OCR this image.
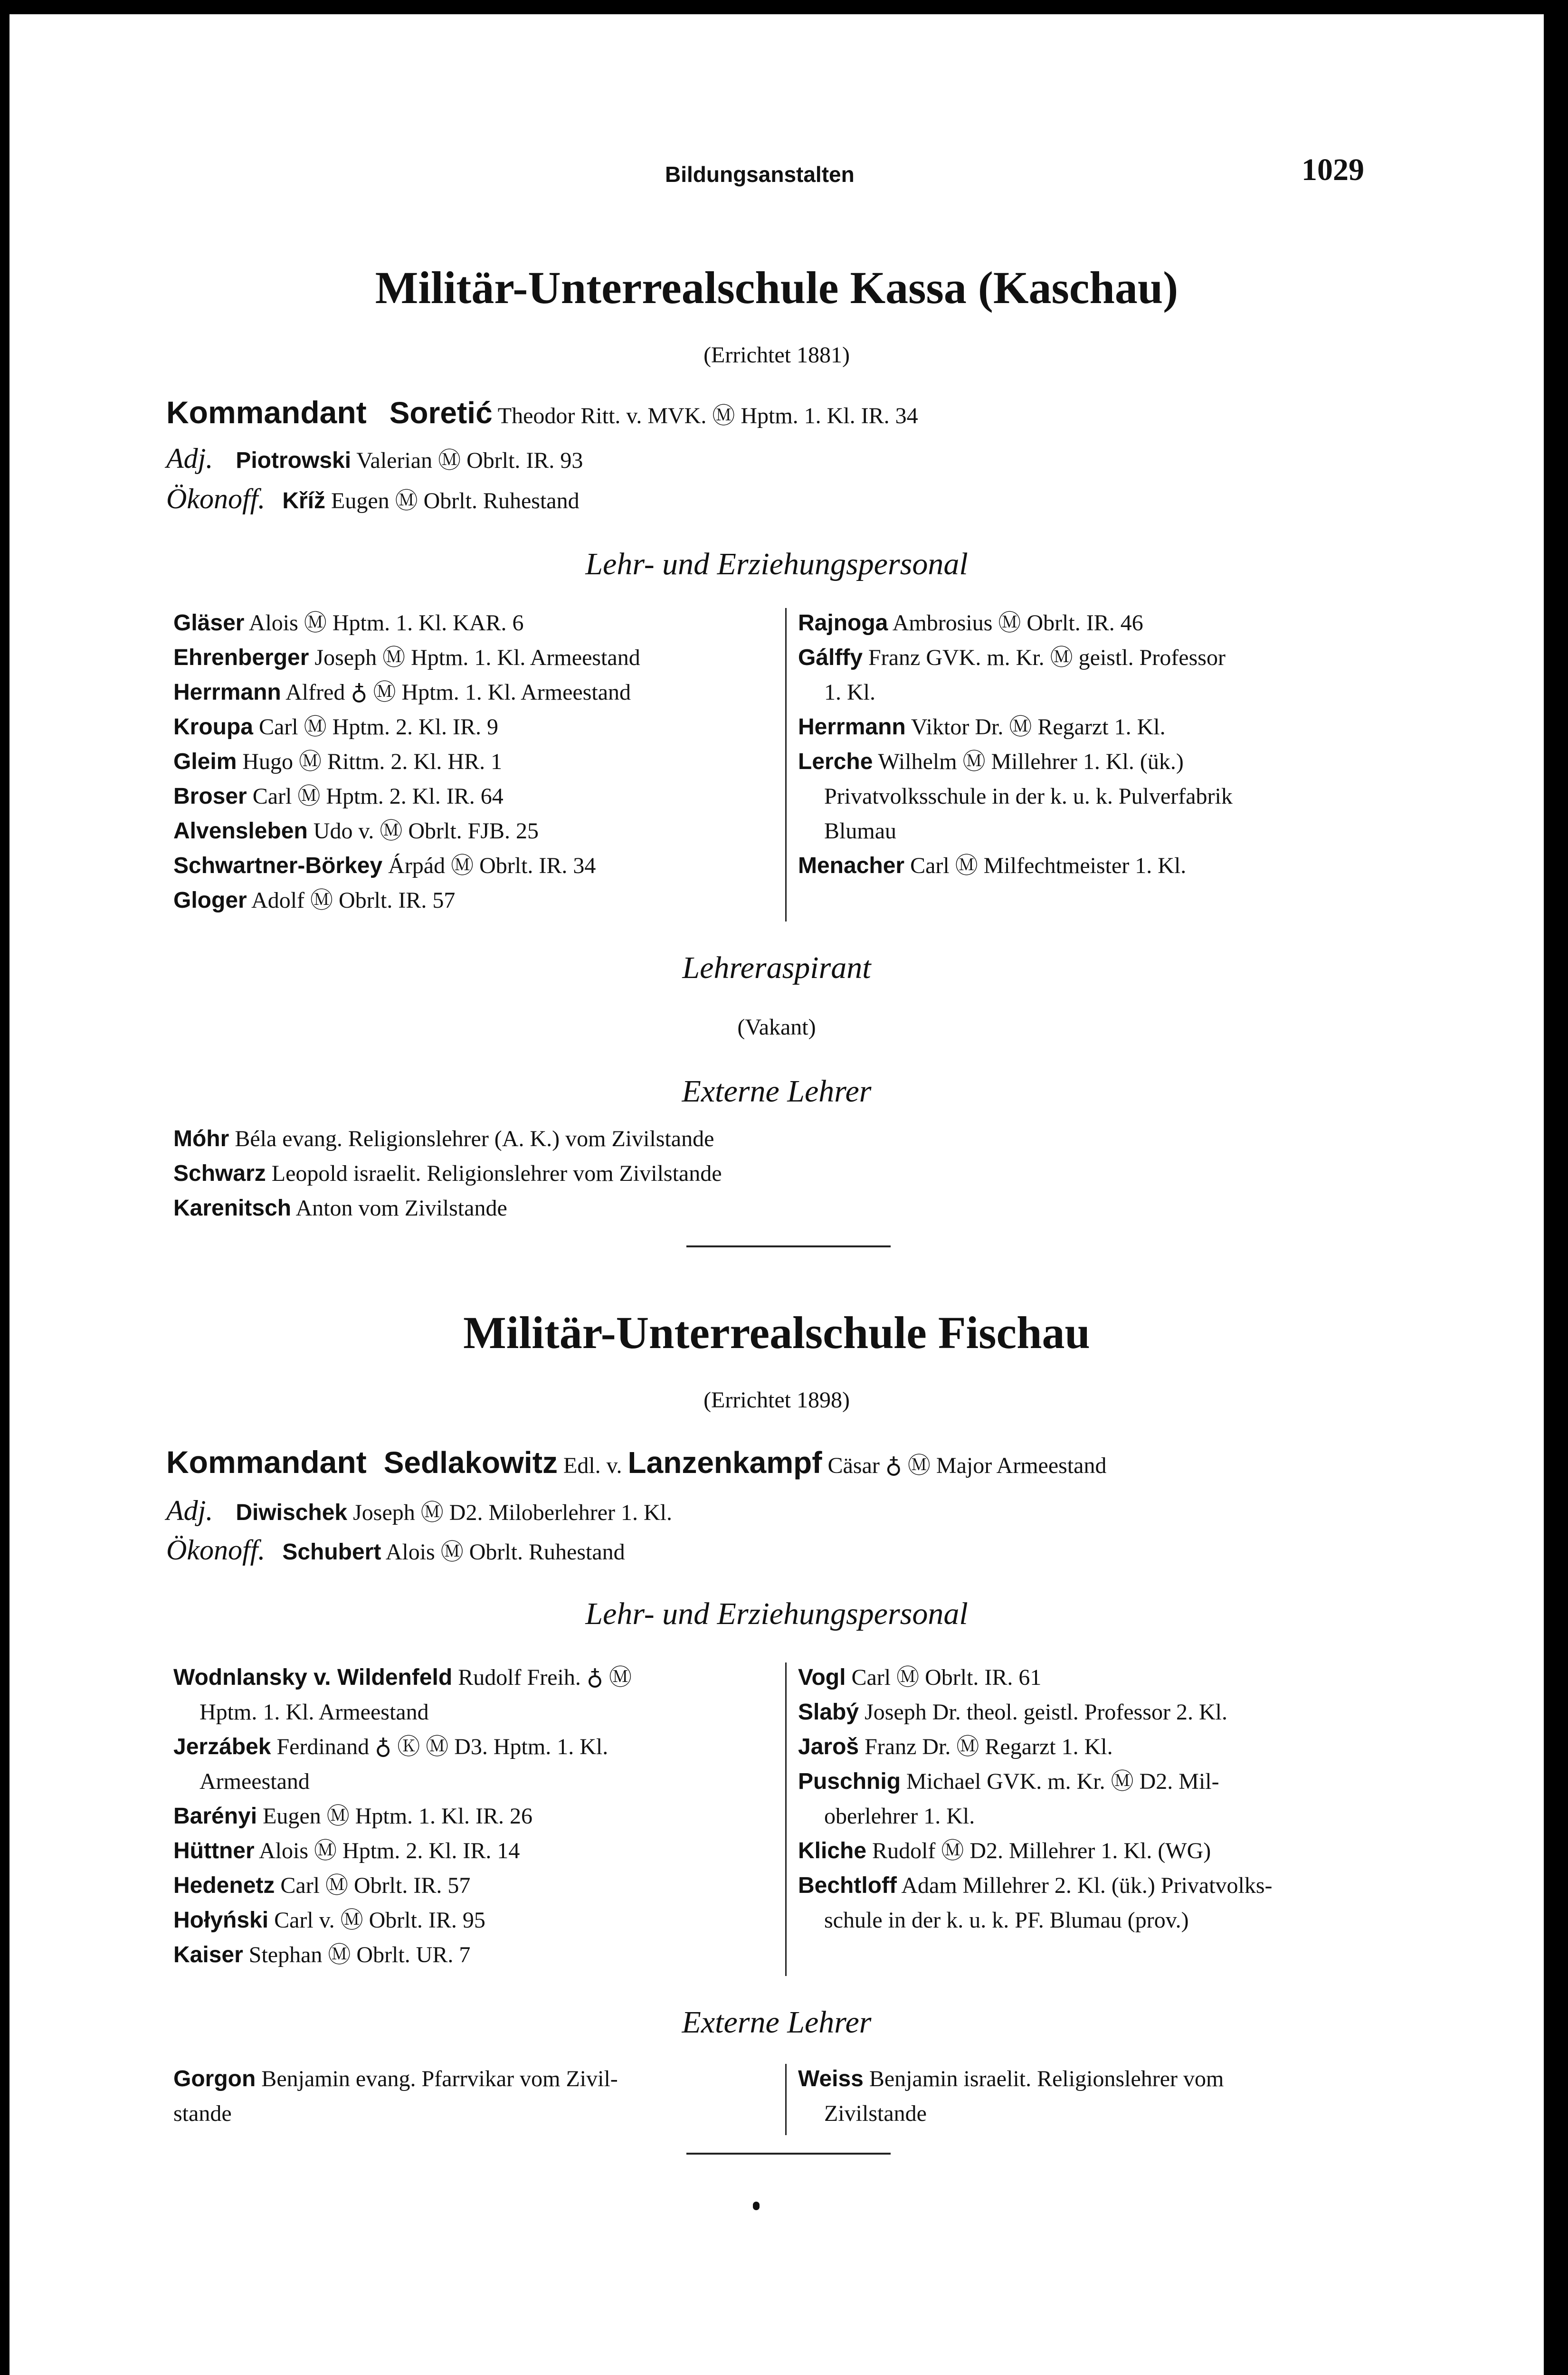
Bildungsanstalten	1029
Militär-Unterrealschule Kassa (Kaschau)
(Errichtet 1881)
Kommandant Soretić Theodor Ritt. v. MVK. Ⓜ Hptm. 1. Kl. IR. 34
Adj. Piotrowski Valerian Ⓜ Obrlt. IR. 93
Ökonoff. Kříž Eugen Ⓜ Obrlt. Ruhestand
Lehr- und Erziehungspersonal

Gläser Alois Ⓜ Hptm. 1. Kl. KAR. 6

Ehrenberger Joseph Ⓜ Hptm. 1. Kl. Armeestand

Herrmann Alfred ♁ Ⓜ Hptm. 1. Kl. Armeestand

Kroupa Carl Ⓜ Hptm. 2. Kl. IR. 9

Gleim Hugo Ⓜ Rittm. 2. Kl. HR. 1

Broser Carl Ⓜ Hptm. 2. Kl. IR. 64

Alvensleben Udo v. Ⓜ Obrlt. FJB. 25

Schwartner-Börkey Árpád Ⓜ Obrlt. IR. 34

Gloger Adolf Ⓜ Obrlt. IR. 57

Rajnoga Ambrosius Ⓜ Obrlt. IR. 46

Gálffy Franz GVK. m. Kr. Ⓜ geistl. Professor

1. Kl.

Herrmann Viktor Dr. Ⓜ Regarzt 1. Kl.

Lerche Wilhelm Ⓜ Millehrer 1. Kl. (ük.)

Privatvolksschule in der k. u. k. Pulverfabrik

Blumau

Menacher Carl Ⓜ Milfechtmeister 1. Kl.

Lehreraspirant
(Vakant)
Externe Lehrer
Móhr Béla evang. Religionslehrer (A. K.) vom Zivilstande
Schwarz Leopold israelit. Religionslehrer vom Zivilstande
Karenitsch Anton vom Zivilstande
Militär-Unterrealschule Fischau
(Errichtet 1898)
Kommandant Sedlakowitz Edl. v. Lanzenkampf Cäsar ♁ Ⓜ Major Armeestand
Adj. Diwischek Joseph Ⓜ D2. Miloberlehrer 1. Kl.
Ökonoff. Schubert Alois Ⓜ Obrlt. Ruhestand
Lehr- und Erziehungspersonal

Wodnlansky v. Wildenfeld Rudolf Freih. ♁ Ⓜ

Hptm. 1. Kl. Armeestand

Jerzábek Ferdinand ♁ Ⓚ Ⓜ D3. Hptm. 1. Kl.

Armeestand

Barényi Eugen Ⓜ Hptm. 1. Kl. IR. 26

Hüttner Alois Ⓜ Hptm. 2. Kl. IR. 14

Hedenetz Carl Ⓜ Obrlt. IR. 57

Hołyński Carl v. Ⓜ Obrlt. IR. 95

Kaiser Stephan Ⓜ Obrlt. UR. 7

Vogl Carl Ⓜ Obrlt. IR. 61

Slabý Joseph Dr. theol. geistl. Professor 2. Kl.

Jaroš Franz Dr. Ⓜ Regarzt 1. Kl.

Puschnig Michael GVK. m. Kr. Ⓜ D2. Mil-

oberlehrer 1. Kl.

Kliche Rudolf Ⓜ D2. Millehrer 1. Kl. (WG)

Bechtloff Adam Millehrer 2. Kl. (ük.) Privatvolks-

schule in der k. u. k. PF. Blumau (prov.)

Externe Lehrer

Gorgon Benjamin evang. Pfarrvikar vom Zivil-

stande

Weiss Benjamin israelit. Religionslehrer vom

Zivilstande
